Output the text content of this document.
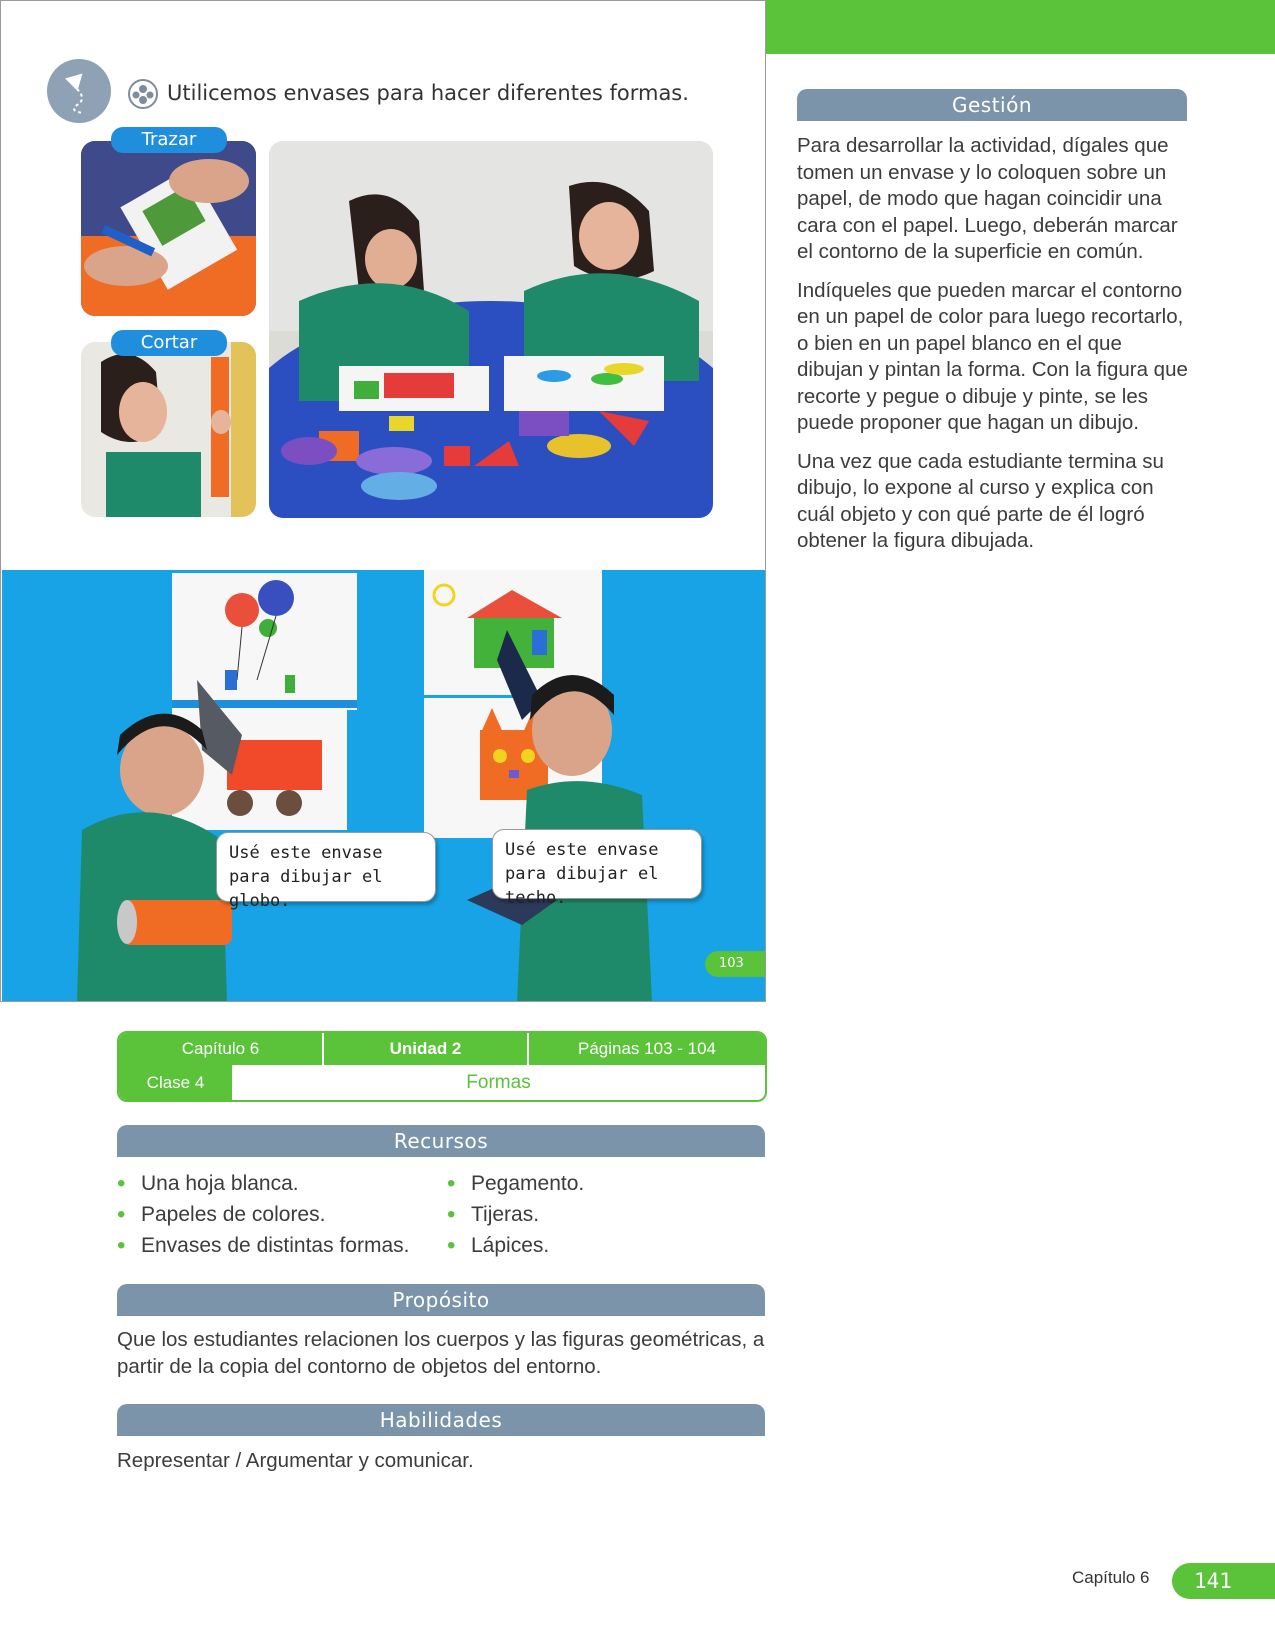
Utilicemos envases para hacer diferentes formas.
Trazar
Cortar
Usé este envase para dibujar el globo.
Usé este envase para dibujar el techo.
103
Gestión

Para desarrollar la actividad, dígales que tomen un envase y lo coloquen sobre un papel, de modo que hagan coincidir una cara con el papel. Luego, deberán marcar el contorno de la superficie en común.

Indíqueles que pueden marcar el contorno en un papel de color para luego recortarlo, o bien en un papel blanco en el que dibujan y pintan la forma. Con la figura que recorte y pegue o dibuje y pinte, se les puede proponer que hagan un dibujo.

Una vez que cada estudiante termina su dibujo, lo expone al curso y explica con cuál objeto y con qué parte de él logró obtener la figura dibujada.

Capítulo 6	Unidad 2	Páginas 103 - 104
Clase 4	Formas
Recursos
• Una hoja blanca.
• Papeles de colores.
• Envases de distintas formas.
• Pegamento.
• Tijeras.
• Lápices.
Propósito
Que los estudiantes relacionen los cuerpos y las figuras geométricas, a partir de la copia del contorno de objetos del entorno.
Habilidades
Representar / Argumentar y comunicar.
Capítulo 6	141
